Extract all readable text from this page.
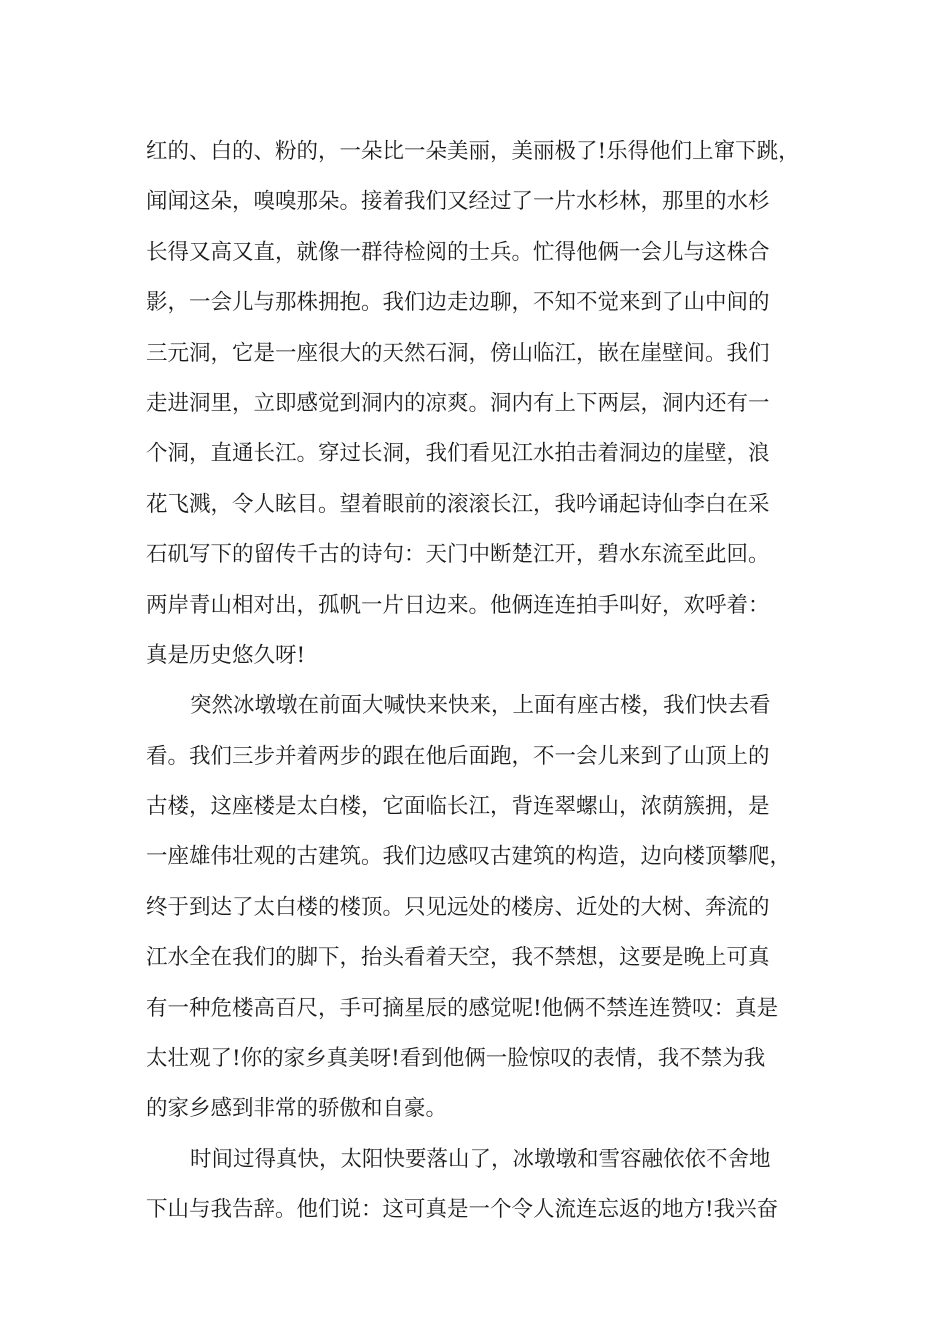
红的、白的、粉的，一朵比一朵美丽，美丽极了!乐得他们上窜下跳，
闻闻这朵，嗅嗅那朵。接着我们又经过了一片水杉林，那里的水杉
长得又高又直，就像一群待检阅的士兵。忙得他俩一会儿与这株合
影，一会儿与那株拥抱。我们边走边聊，不知不觉来到了山中间的
三元洞，它是一座很大的天然石洞，傍山临江，嵌在崖壁间。我们
走进洞里，立即感觉到洞内的凉爽。洞内有上下两层，洞内还有一
个洞，直通长江。穿过长洞，我们看见江水拍击着洞边的崖壁，浪
花飞溅，令人眩目。望着眼前的滚滚长江，我吟诵起诗仙李白在采
石矶写下的留传千古的诗句：天门中断楚江开，碧水东流至此回。
两岸青山相对出，孤帆一片日边来。他俩连连拍手叫好，欢呼着：
真是历史悠久呀!
突然冰墩墩在前面大喊快来快来，上面有座古楼，我们快去看
看。我们三步并着两步的跟在他后面跑，不一会儿来到了山顶上的
古楼，这座楼是太白楼，它面临长江，背连翠螺山，浓荫簇拥，是
一座雄伟壮观的古建筑。我们边感叹古建筑的构造，边向楼顶攀爬，
终于到达了太白楼的楼顶。只见远处的楼房、近处的大树、奔流的
江水全在我们的脚下，抬头看着天空，我不禁想，这要是晚上可真
有一种危楼高百尺，手可摘星辰的感觉呢!他俩不禁连连赞叹：真是
太壮观了!你的家乡真美呀!看到他俩一脸惊叹的表情，我不禁为我
的家乡感到非常的骄傲和自豪。
时间过得真快，太阳快要落山了，冰墩墩和雪容融依依不舍地
下山与我告辞。他们说：这可真是一个令人流连忘返的地方!我兴奋
